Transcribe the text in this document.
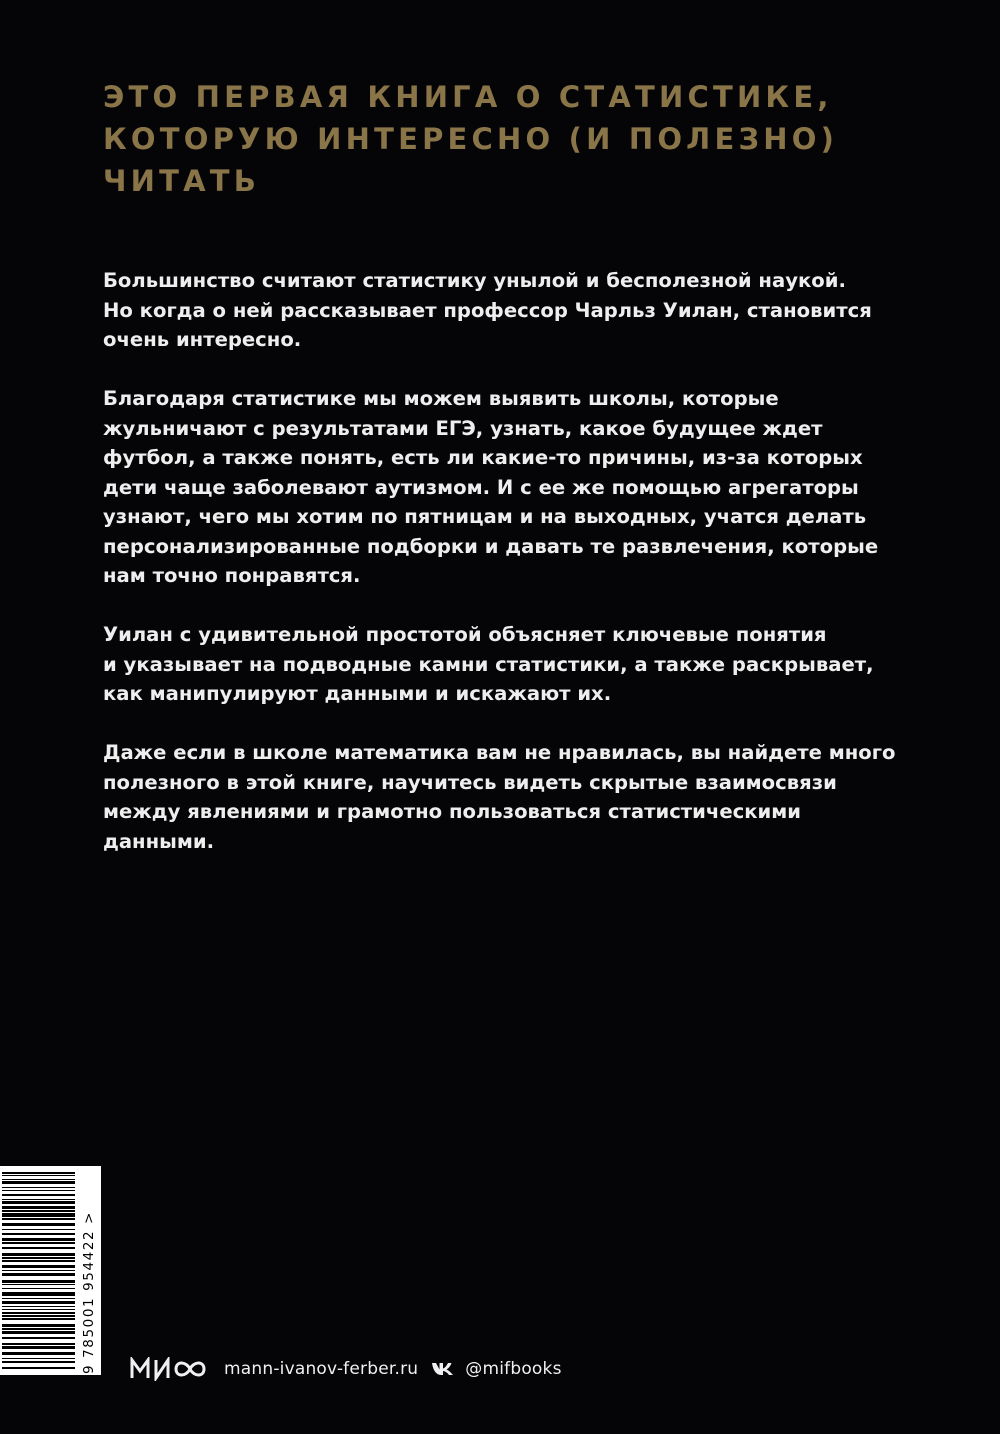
ЭТО ПЕРВАЯ КНИГА О СТАТИСТИКЕ,
КОТОРУЮ ИНТЕРЕСНО (И ПОЛЕЗНО)
ЧИТАТЬ

Большинство считают статистику унылой и бесполезной наукой.
Но когда о ней рассказывает профессор Чарльз Уилан, становится
очень интересно.

Благодаря статистике мы можем выявить школы, которые
жульничают с результатами ЕГЭ, узнать, какое будущее ждет
футбол, а также понять, есть ли какие-то причины, из-за которых
дети чаще заболевают аутизмом. И с ее же помощью агрегаторы
узнают, чего мы хотим по пятницам и на выходных, учатся делать
персонализированные подборки и давать те развлечения, которые
нам точно понравятся.

Уилан с удивительной простотой объясняет ключевые понятия
и указывает на подводные камни статистики, а также раскрывает,
как манипулируют данными и искажают их.

Даже если в школе математика вам не нравилась, вы найдете много
полезного в этой книге, научитесь видеть скрытые взаимосвязи
между явлениями и грамотно пользоваться статистическими
данными.

9 785001 954422 >	mann-ivanov-ferber.ru	@mifbooks
